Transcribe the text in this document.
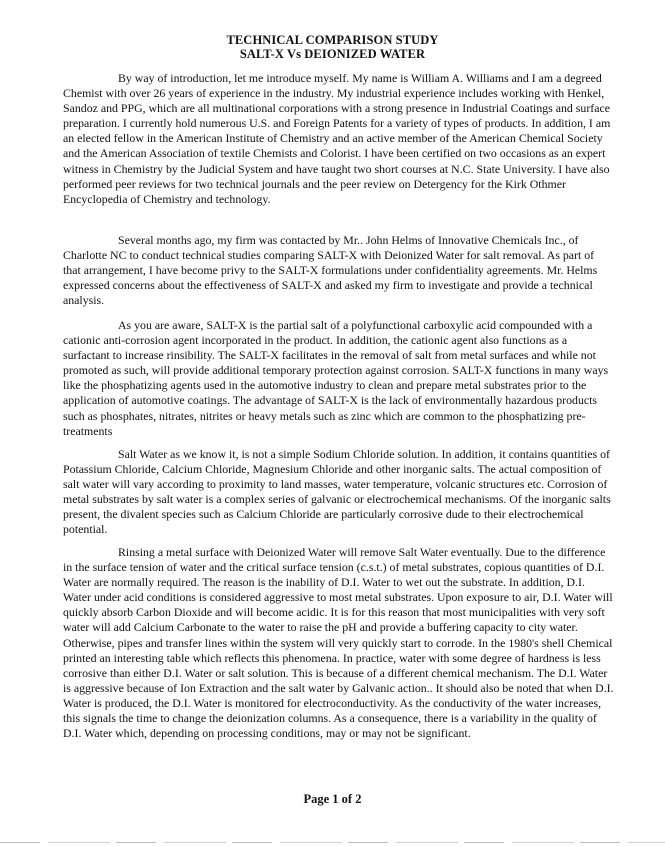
TECHNICAL COMPARISON STUDY
SALT-X Vs DEIONIZED WATER

By way of introduction, let me introduce myself. My name is William A. Williams and I am a degreed Chemist with over 26 years of experience in the industry. My industrial experience includes working with Henkel, Sandoz and PPG, which are all multinational corporations with a strong presence in Industrial Coatings and surface preparation. I currently hold numerous U.S. and Foreign Patents for a variety of types of products. In addition, I am an elected fellow in the American Institute of Chemistry and an active member of the American Chemical Society and the American Association of textile Chemists and Colorist. I have been certified on two occasions as an expert witness in Chemistry by the Judicial System and have taught two short courses at N.C. State University. I have also performed peer reviews for two technical journals and the peer review on Detergency for the Kirk Othmer Encyclopedia of Chemistry and technology.

Several months ago, my firm was contacted by Mr.. John Helms of Innovative Chemicals Inc., of Charlotte NC to conduct technical studies comparing SALT-X with Deionized Water for salt removal. As part of that arrangement, I have become privy to the SALT-X formulations under confidentiality agreements. Mr. Helms expressed concerns about the effectiveness of SALT-X and asked my firm to investigate and provide a technical analysis.

As you are aware, SALT-X is the partial salt of a polyfunctional carboxylic acid compounded with a cationic anti-corrosion agent incorporated in the product. In addition, the cationic agent also functions as a surfactant to increase rinsibility. The SALT-X facilitates in the removal of salt from metal surfaces and while not promoted as such, will provide additional temporary protection against corrosion. SALT-X functions in many ways like the phosphatizing agents used in the automotive industry to clean and prepare metal substrates prior to the application of automotive coatings. The advantage of SALT-X is the lack of environmentally hazardous products such as phosphates, nitrates, nitrites or heavy metals such as zinc which are common to the phosphatizing pre-treatments

Salt Water as we know it, is not a simple Sodium Chloride solution. In addition, it contains quantities of Potassium Chloride, Calcium Chloride, Magnesium Chloride and other inorganic salts. The actual composition of salt water will vary according to proximity to land masses, water temperature, volcanic structures etc. Corrosion of metal substrates by salt water is a complex series of galvanic or electrochemical mechanisms. Of the inorganic salts present, the divalent species such as Calcium Chloride are particularly corrosive dude to their electrochemical potential.

Rinsing a metal surface with Deionized Water will remove Salt Water eventually. Due to the difference in the surface tension of water and the critical surface tension (c.s.t.) of metal substrates, copious quantities of D.I. Water are normally required. The reason is the inability of D.I. Water to wet out the substrate. In addition, D.I. Water under acid conditions is considered aggressive to most metal substrates. Upon exposure to air, D.I. Water will quickly absorb Carbon Dioxide and will become acidic. It is for this reason that most municipalities with very soft water will add Calcium Carbonate to the water to raise the pH and provide a buffering capacity to city water. Otherwise, pipes and transfer lines within the system will very quickly start to corrode. In the 1980's shell Chemical printed an interesting table which reflects this phenomena. In practice, water with some degree of hardness is less corrosive than either D.I. Water or salt solution. This is because of a different chemical mechanism. The D.I. Water is aggressive because of Ion Extraction and the salt water by Galvanic action.. It should also be noted that when D.I. Water is produced, the D.I. Water is monitored for electroconductivity. As the conductivity of the water increases, this signals the time to change the deionization columns. As a consequence, there is a variability in the quality of D.I. Water which, depending on processing conditions, may or may not be significant.

Page 1 of 2
